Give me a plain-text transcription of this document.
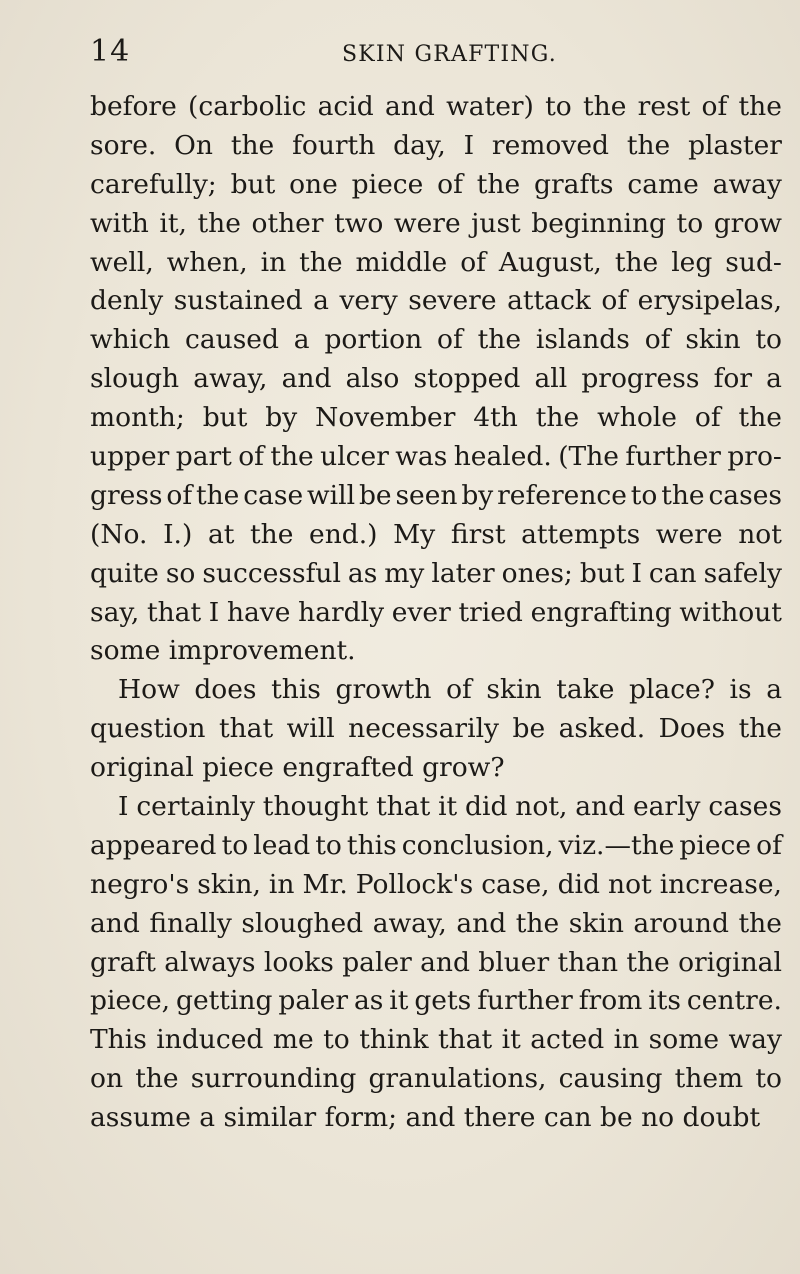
14	SKIN GRAFTING.
before (carbolic acid and water) to the rest of the
sore. On the fourth day, I removed the plaster
carefully; but one piece of the grafts came away
with it, the other two were just beginning to grow
well, when, in the middle of August, the leg sud-
denly sustained a very severe attack of erysipelas,
which caused a portion of the islands of skin to
slough away, and also stopped all progress for a
month; but by November 4th the whole of the
upper part of the ulcer was healed. (The further pro-
gress of the case will be seen by reference to the cases
(No. I.) at the end.) My first attempts were not
quite so successful as my later ones; but I can safely
say, that I have hardly ever tried engrafting without
some improvement.
How does this growth of skin take place? is a
question that will necessarily be asked. Does the
original piece engrafted grow?
I certainly thought that it did not, and early cases
appeared to lead to this conclusion, viz.—the piece of
negro's skin, in Mr. Pollock's case, did not increase,
and finally sloughed away, and the skin around the
graft always looks paler and bluer than the original
piece, getting paler as it gets further from its centre.
This induced me to think that it acted in some way
on the surrounding granulations, causing them to
assume a similar form; and there can be no doubt
